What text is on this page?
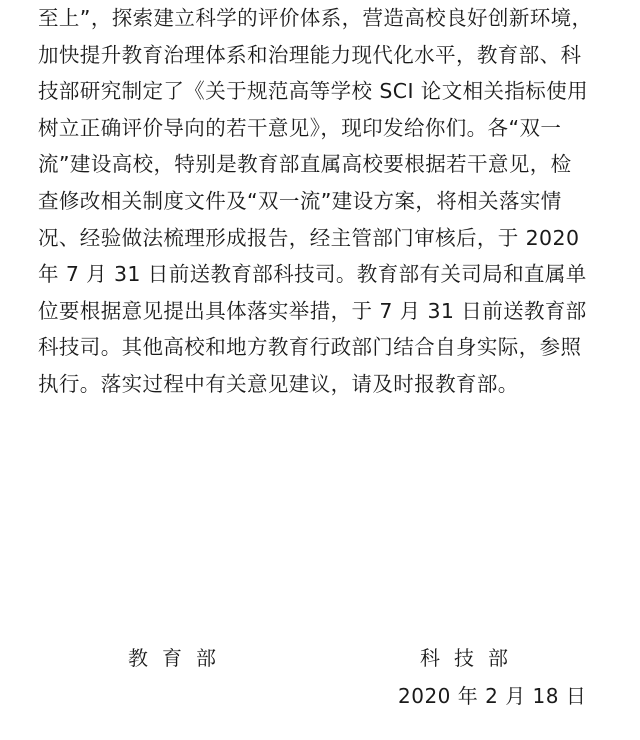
至上”，探索建立科学的评价体系，营造高校良好创新环境，
加快提升教育治理体系和治理能力现代化水平，教育部、科
技部研究制定了《关于规范高等学校 SCI 论文相关指标使用
树立正确评价导向的若干意见》，现印发给你们。各“双一
流”建设高校，特别是教育部直属高校要根据若干意见，检
查修改相关制度文件及“双一流”建设方案，将相关落实情
况、经验做法梳理形成报告，经主管部门审核后，于 2020
年 7 月 31 日前送教育部科技司。教育部有关司局和直属单
位要根据意见提出具体落实举措，于 7 月 31 日前送教育部
科技司。其他高校和地方教育行政部门结合自身实际，参照
执行。落实过程中有关意见建议，请及时报教育部。
教育部	科技部
2020 年 2 月 18 日
